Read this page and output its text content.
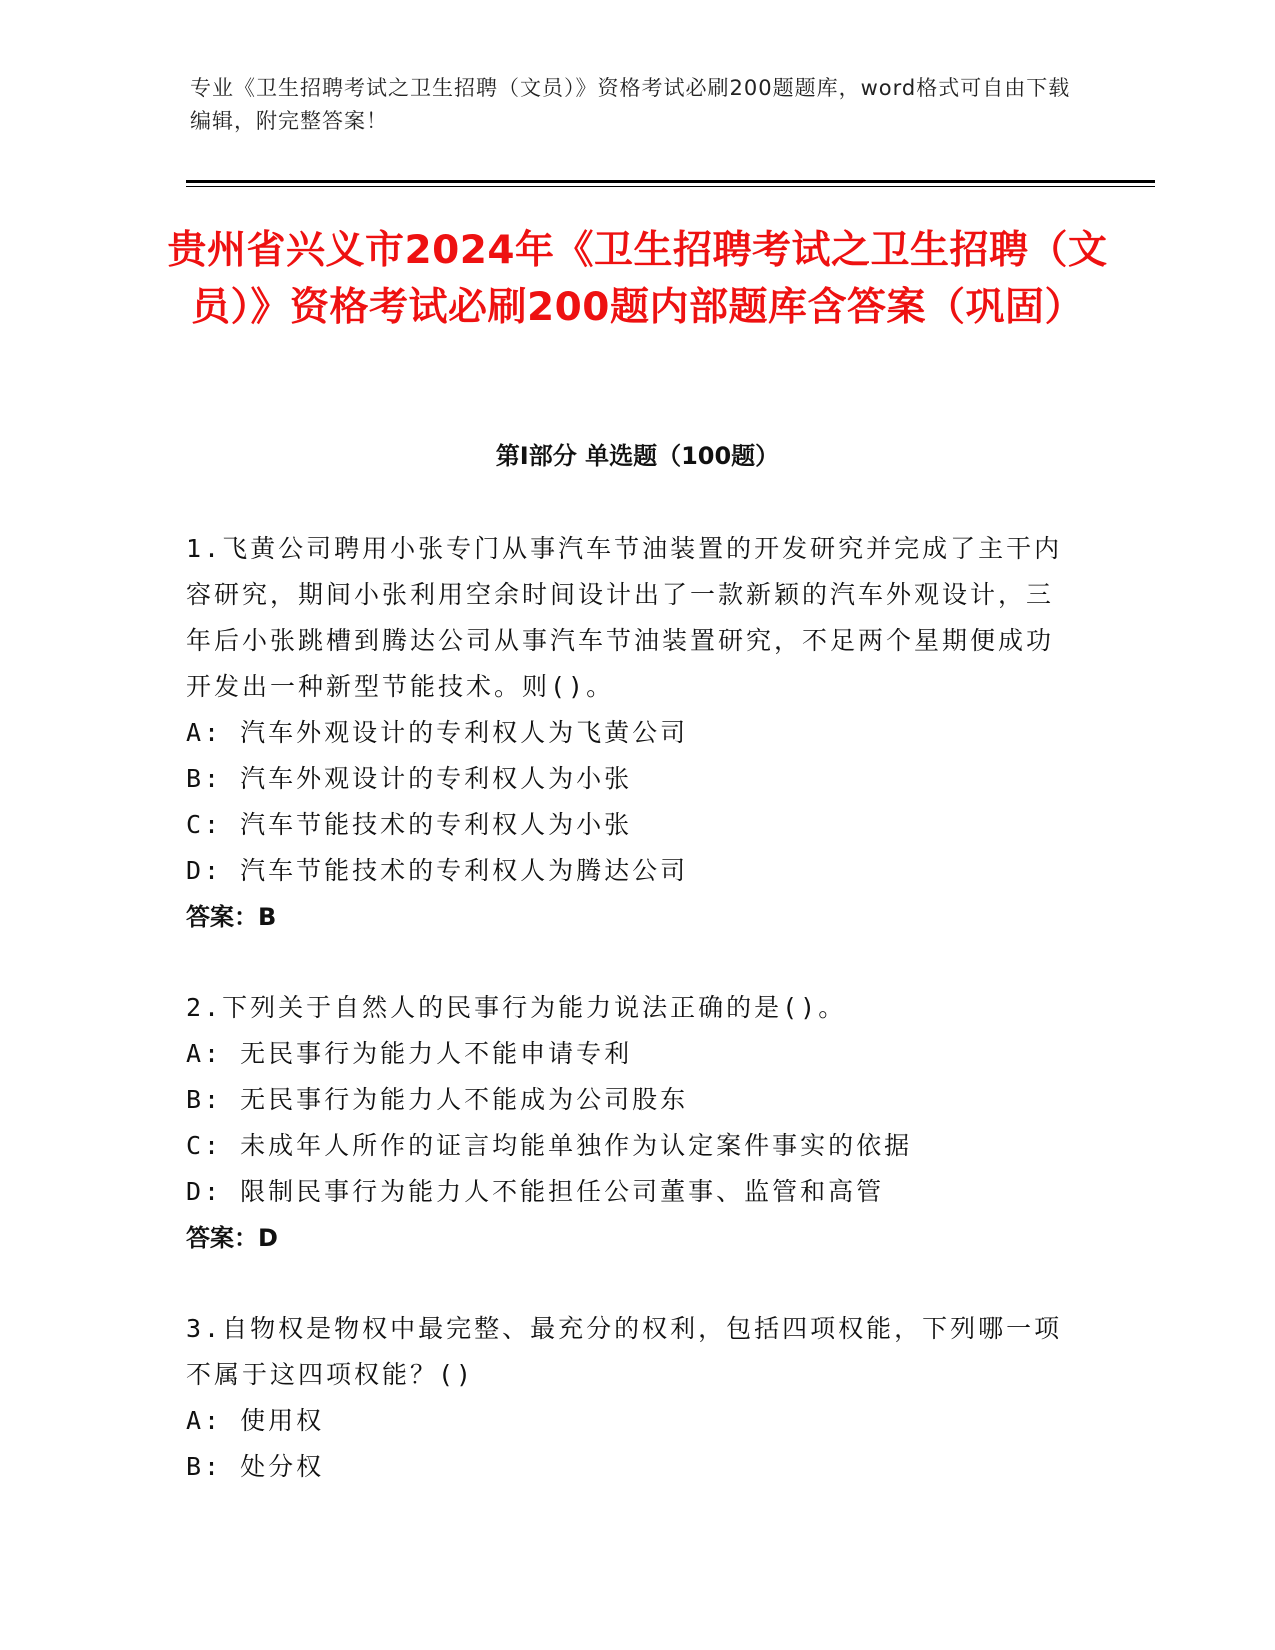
专业《卫生招聘考试之卫生招聘（文员）》资格考试必刷200题题库，word格式可自由下载编辑，附完整答案！
贵州省兴义市2024年《卫生招聘考试之卫生招聘（文员）》资格考试必刷200题内部题库含答案（巩固）
第Ⅰ部分 单选题（100题）
1.飞黄公司聘用小张专门从事汽车节油装置的开发研究并完成了主干内容研究，期间小张利用空余时间设计出了一款新颖的汽车外观设计，三年后小张跳槽到腾达公司从事汽车节油装置研究，不足两个星期便成功开发出一种新型节能技术。则()。
A: 汽车外观设计的专利权人为飞黄公司
B: 汽车外观设计的专利权人为小张
C: 汽车节能技术的专利权人为小张
D: 汽车节能技术的专利权人为腾达公司
答案：B
2.下列关于自然人的民事行为能力说法正确的是()。
A: 无民事行为能力人不能申请专利
B: 无民事行为能力人不能成为公司股东
C: 未成年人所作的证言均能单独作为认定案件事实的依据
D: 限制民事行为能力人不能担任公司董事、监管和高管
答案：D
3.自物权是物权中最完整、最充分的权利，包括四项权能，下列哪一项不属于这四项权能？()
A: 使用权
B: 处分权
